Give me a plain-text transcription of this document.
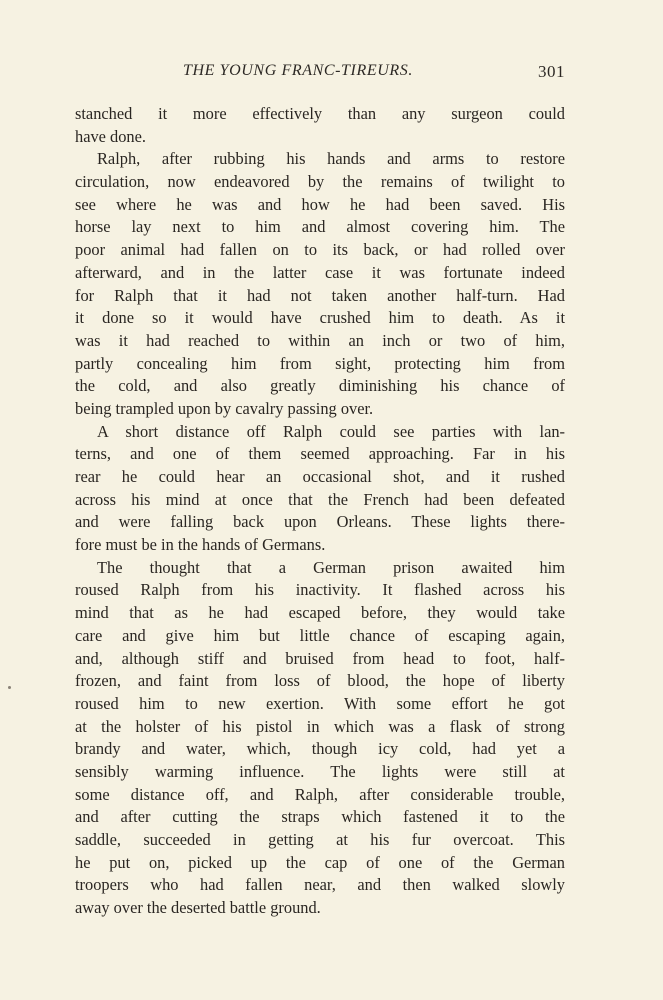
THE YOUNG FRANC-TIREURS.	301
stanched it more effectively than any surgeon could
have done.
Ralph, after rubbing his hands and arms to restore
circulation, now endeavored by the remains of twilight to
see where he was and how he had been saved. His
horse lay next to him and almost covering him. The
poor animal had fallen on to its back, or had rolled over
afterward, and in the latter case it was fortunate indeed
for Ralph that it had not taken another half-turn. Had
it done so it would have crushed him to death. As it
was it had reached to within an inch or two of him,
partly concealing him from sight, protecting him from
the cold, and also greatly diminishing his chance of
being trampled upon by cavalry passing over.
A short distance off Ralph could see parties with lan-
terns, and one of them seemed approaching. Far in his
rear he could hear an occasional shot, and it rushed
across his mind at once that the French had been defeated
and were falling back upon Orleans. These lights there-
fore must be in the hands of Germans.
The thought that a German prison awaited him
roused Ralph from his inactivity. It flashed across his
mind that as he had escaped before, they would take
care and give him but little chance of escaping again,
and, although stiff and bruised from head to foot, half-
frozen, and faint from loss of blood, the hope of liberty
roused him to new exertion. With some effort he got
at the holster of his pistol in which was a flask of strong
brandy and water, which, though icy cold, had yet a
sensibly warming influence. The lights were still at
some distance off, and Ralph, after considerable trouble,
and after cutting the straps which fastened it to the
saddle, succeeded in getting at his fur overcoat. This
he put on, picked up the cap of one of the German
troopers who had fallen near, and then walked slowly
away over the deserted battle ground.
